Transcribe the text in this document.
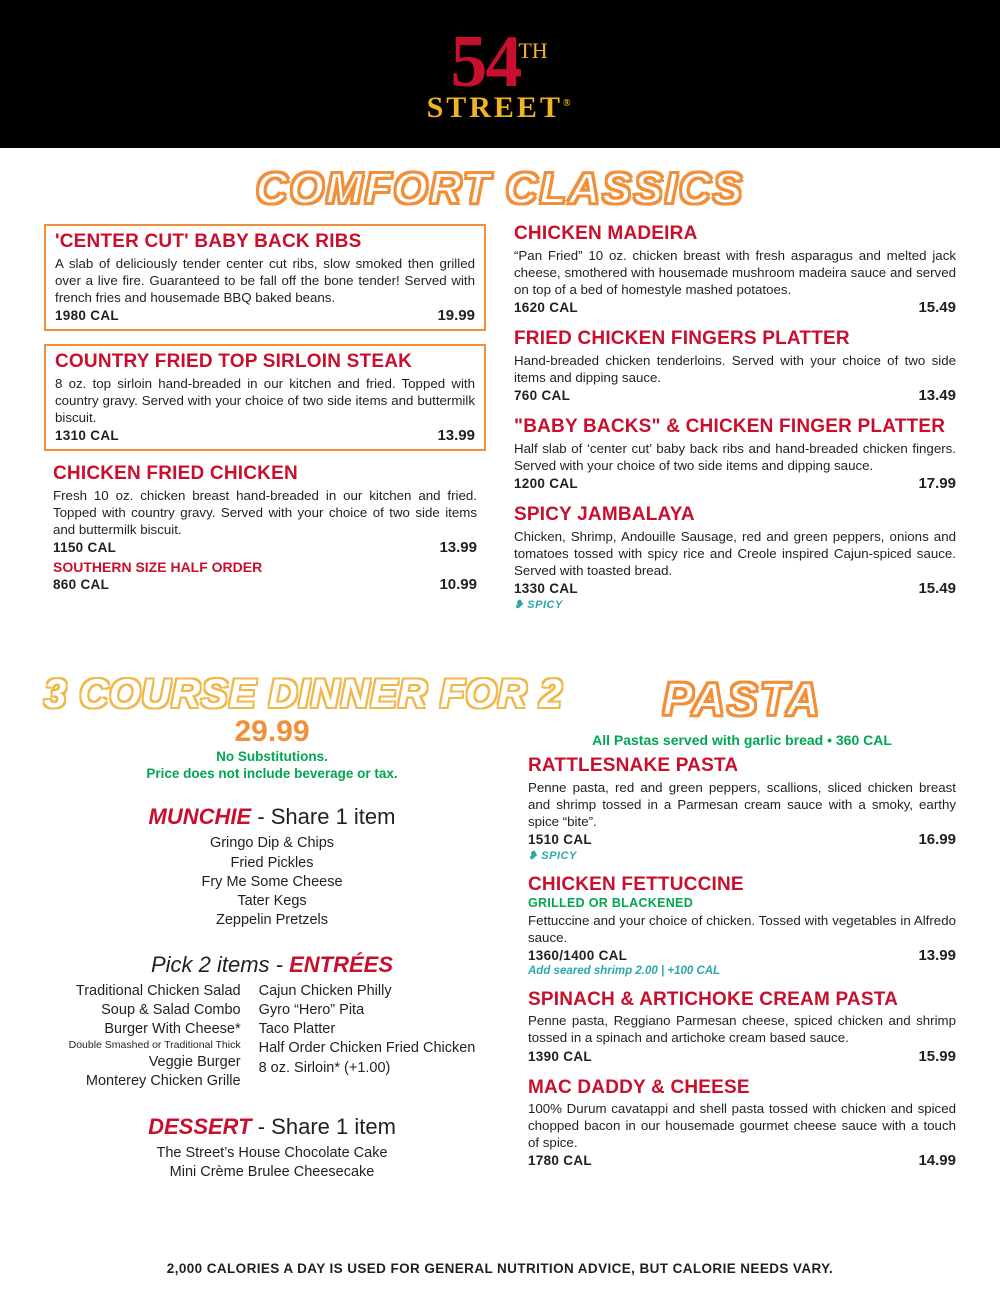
54TH
STREET®
COMFORT CLASSICS
'CENTER CUT' BABY BACK RIBS
A slab of deliciously tender center cut ribs, slow smoked then grilled over a live fire. Guaranteed to be fall off the bone tender! Served with french fries and housemade BBQ baked beans.
1980 CAL	19.99
COUNTRY FRIED TOP SIRLOIN STEAK
8 oz. top sirloin hand-breaded in our kitchen and fried. Topped with country gravy. Served with your choice of two side items and buttermilk biscuit.
1310 CAL	13.99
CHICKEN FRIED CHICKEN
Fresh 10 oz. chicken breast hand-breaded in our kitchen and fried. Topped with country gravy. Served with your choice of two side items and buttermilk biscuit.
1150 CAL	13.99
SOUTHERN SIZE HALF ORDER
860 CAL	10.99
CHICKEN MADEIRA
“Pan Fried” 10 oz. chicken breast with fresh asparagus and melted jack cheese, smothered with housemade mushroom madeira sauce and served on top of a bed of homestyle mashed potatoes.
1620 CAL	15.49
FRIED CHICKEN FINGERS PLATTER
Hand-breaded chicken tenderloins. Served with your choice of two side items and dipping sauce.
760 CAL	13.49
"BABY BACKS" & CHICKEN FINGER PLATTER
Half slab of ‘center cut’ baby back ribs and hand-breaded chicken fingers. Served with your choice of two side items and dipping sauce.
1200 CAL	17.99
SPICY JAMBALAYA
Chicken, Shrimp, Andouille Sausage, red and green peppers, onions and tomatoes tossed with spicy rice and Creole inspired Cajun-spiced sauce. Served with toasted bread.
1330 CAL	15.49
❥ SPICY
3 COURSE DINNER FOR 2
29.99
No Substitutions.
Price does not include beverage or tax.
MUNCHIE - Share 1 item
Gringo Dip & Chips
Fried Pickles
Fry Me Some Cheese
Tater Kegs
Zeppelin Pretzels
Pick 2 items - ENTRÉES
Traditional Chicken Salad
Soup & Salad Combo
Burger With Cheese*
Double Smashed or Traditional Thick
Veggie Burger
Monterey Chicken Grille
Cajun Chicken Philly
Gyro “Hero” Pita
Taco Platter
Half Order Chicken Fried Chicken
8 oz. Sirloin* (+1.00)
DESSERT - Share 1 item
The Street’s House Chocolate Cake
Mini Crème Brulee Cheesecake
PASTA
All Pastas served with garlic bread • 360 CAL
RATTLESNAKE PASTA
Penne pasta, red and green peppers, scallions, sliced chicken breast and shrimp tossed in a Parmesan cream sauce with a smoky, earthy spice “bite”.
1510 CAL	16.99
❥ SPICY
CHICKEN FETTUCCINE
GRILLED OR BLACKENED
Fettuccine and your choice of chicken. Tossed with vegetables in Alfredo sauce.
1360/1400 CAL	13.99
Add seared shrimp 2.00 | +100 CAL
SPINACH & ARTICHOKE CREAM PASTA
Penne pasta, Reggiano Parmesan cheese, spiced chicken and shrimp tossed in a spinach and artichoke cream based sauce.
1390 CAL	15.99
MAC DADDY & CHEESE
100% Durum cavatappi and shell pasta tossed with chicken and spiced chopped bacon in our housemade gourmet cheese sauce with a touch of spice.
1780 CAL	14.99
2,000 CALORIES A DAY IS USED FOR GENERAL NUTRITION ADVICE, BUT CALORIE NEEDS VARY.
